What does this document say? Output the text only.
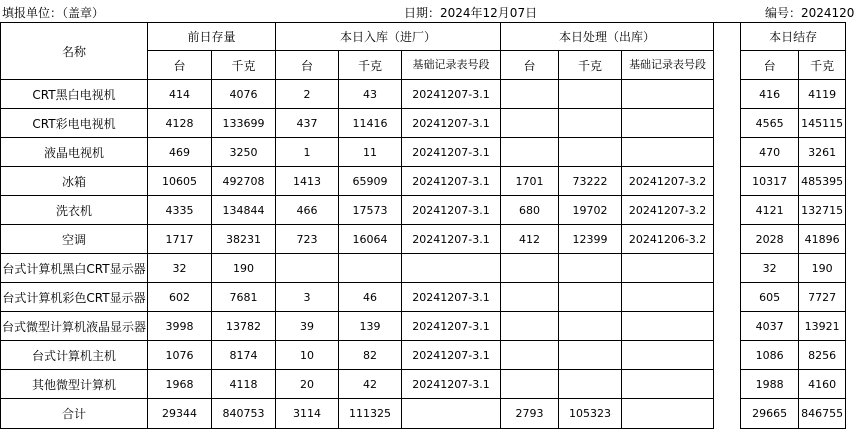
填报单位：（盖章）	日期：2024年12月07日	编号：2024120
名称	前日存量		本日入库（进厂）			本日处理（出库）				本日结存	
	台	千克	台	千克	基础记录表号段	台	千克	基础记录表号段		台	千克
CRT黑白电视机	414	4076	2	43	20241207-3.1					416	4119
CRT彩电电视机	4128	133699	437	11416	20241207-3.1					4565	145115
液晶电视机	469	3250	1	11	20241207-3.1					470	3261
冰箱	10605	492708	1413	65909	20241207-3.1	1701	73222	20241207-3.2		10317	485395
洗衣机	4335	134844	466	17573	20241207-3.1	680	19702	20241207-3.2		4121	132715
空调	1717	38231	723	16064	20241207-3.1	412	12399	20241206-3.2		2028	41896
台式计算机黑白CRT显示器	32	190								32	190
台式计算机彩色CRT显示器	602	7681	3	46	20241207-3.1					605	7727
台式微型计算机液晶显示器	3998	13782	39	139	20241207-3.1					4037	13921
台式计算机主机	1076	8174	10	82	20241207-3.1					1086	8256
其他微型计算机	1968	4118	20	42	20241207-3.1					1988	4160
合计	29344	840753	3114	111325		2793	105323			29665	846755
